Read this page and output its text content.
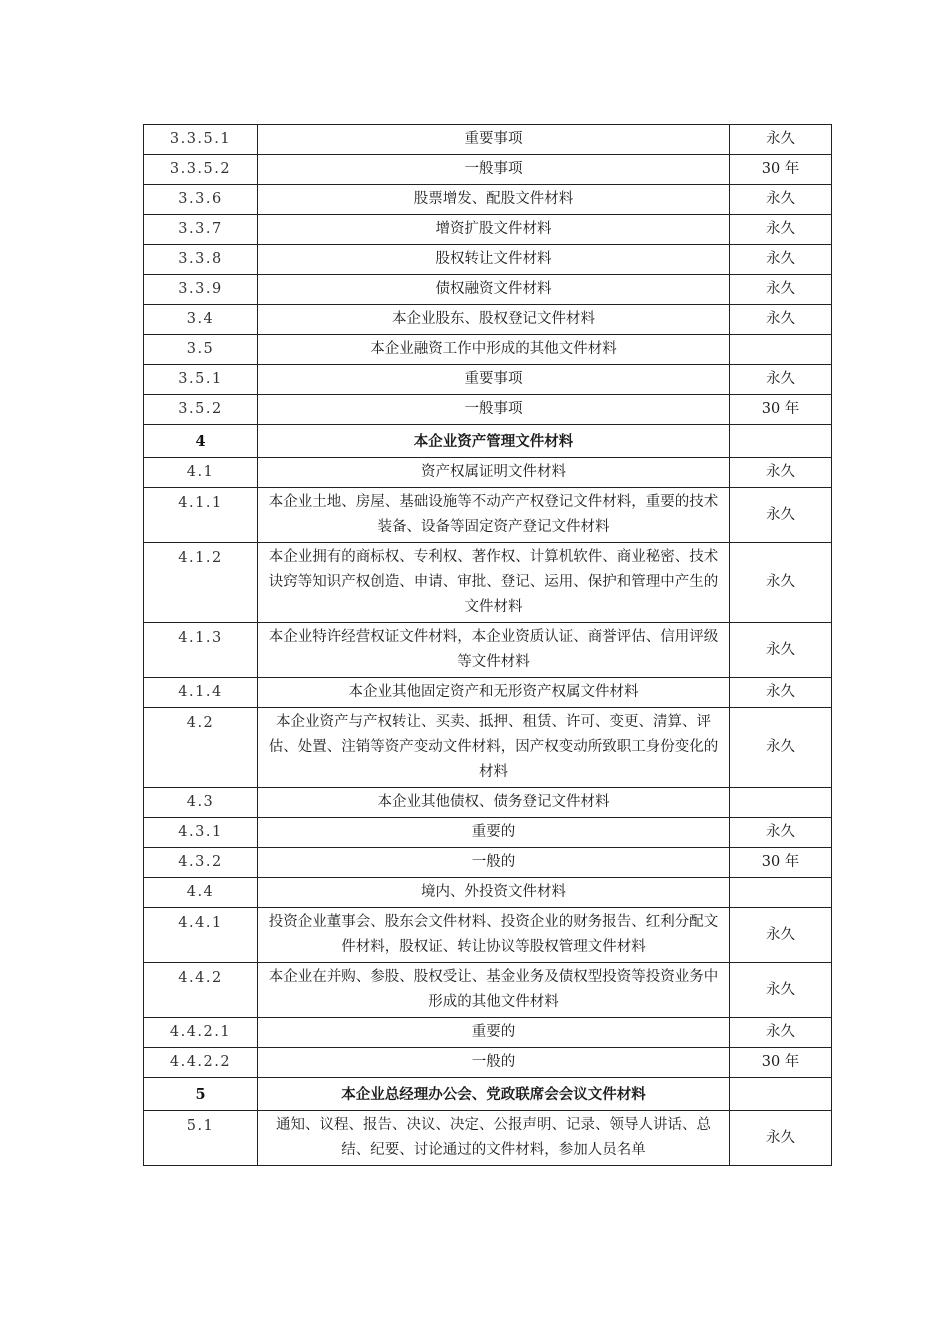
3.3.5.1	重要事项	永久
3.3.5.2	一般事项	30 年
3.3.6	股票增发、配股文件材料	永久
3.3.7	增资扩股文件材料	永久
3.3.8	股权转让文件材料	永久
3.3.9	债权融资文件材料	永久
3.4	本企业股东、股权登记文件材料	永久
3.5	本企业融资工作中形成的其他文件材料	
3.5.1	重要事项	永久
3.5.2	一般事项	30 年
4	本企业资产管理文件材料	
4.1	资产权属证明文件材料	永久
4.1.1	本企业土地、房屋、基础设施等不动产产权登记文件材料，重要的技术装备、设备等固定资产登记文件材料	永久
4.1.2	本企业拥有的商标权、专利权、著作权、计算机软件、商业秘密、技术诀窍等知识产权创造、申请、审批、登记、运用、保护和管理中产生的文件材料	永久
4.1.3	本企业特许经营权证文件材料，本企业资质认证、商誉评估、信用评级等文件材料	永久
4.1.4	本企业其他固定资产和无形资产权属文件材料	永久
4.2	本企业资产与产权转让、买卖、抵押、租赁、许可、变更、清算、评估、处置、注销等资产变动文件材料，因产权变动所致职工身份变化的材料	永久
4.3	本企业其他债权、债务登记文件材料	
4.3.1	重要的	永久
4.3.2	一般的	30 年
4.4	境内、外投资文件材料	
4.4.1	投资企业董事会、股东会文件材料、投资企业的财务报告、红利分配文件材料，股权证、转让协议等股权管理文件材料	永久
4.4.2	本企业在并购、参股、股权受让、基金业务及债权型投资等投资业务中形成的其他文件材料	永久
4.4.2.1	重要的	永久
4.4.2.2	一般的	30 年
5	本企业总经理办公会、党政联席会会议文件材料	
5.1	通知、议程、报告、决议、决定、公报声明、记录、领导人讲话、总结、纪要、讨论通过的文件材料，参加人员名单	永久
